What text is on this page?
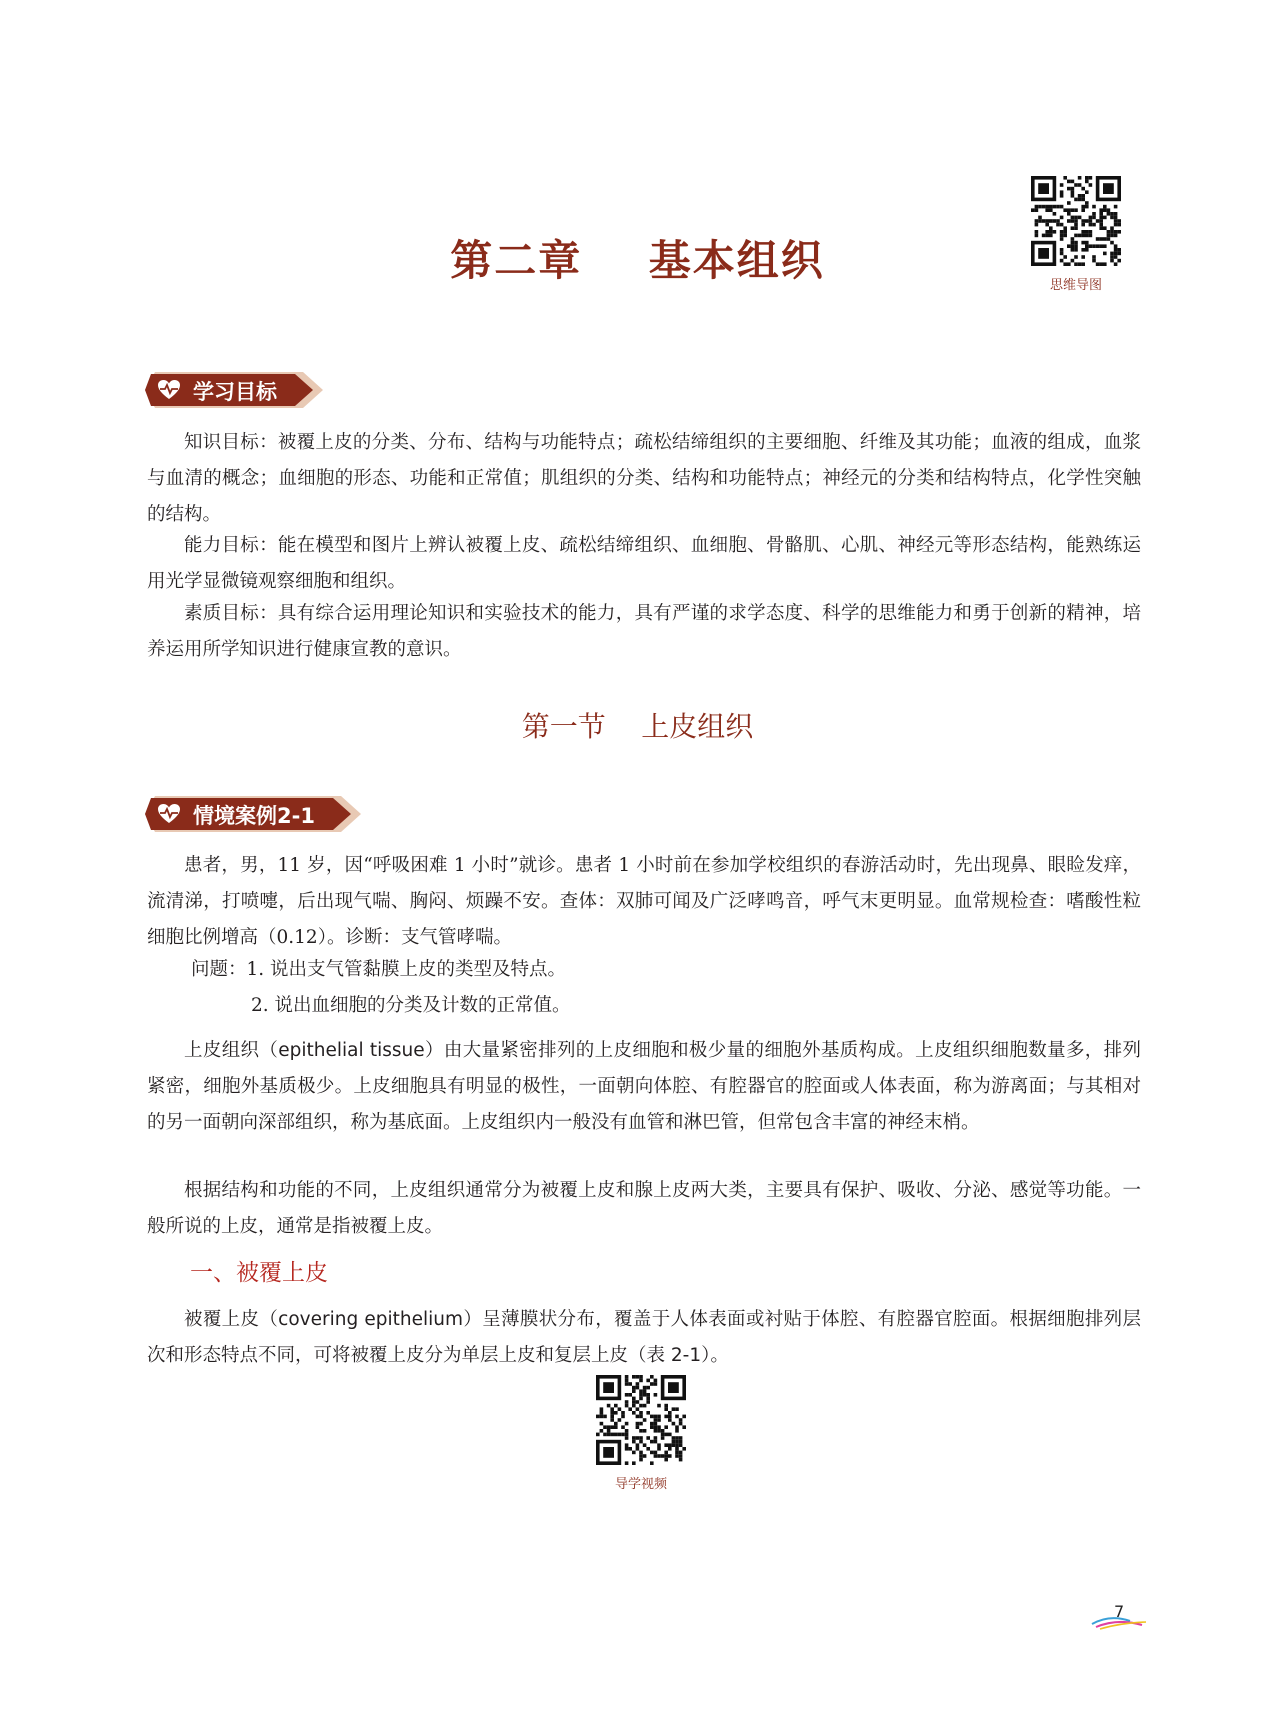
第二章    基本组织
思维导图
学习目标

知识目标：被覆上皮的分类、分布、结构与功能特点；疏松结缔组织的主要细胞、纤维及其功能；血液的组成，血浆与血清的概念；血细胞的形态、功能和正常值；肌组织的分类、结构和功能特点；神经元的分类和结构特点，化学性突触的结构。

能力目标：能在模型和图片上辨认被覆上皮、疏松结缔组织、血细胞、骨骼肌、心肌、神经元等形态结构，能熟练运用光学显微镜观察细胞和组织。

素质目标：具有综合运用理论知识和实验技术的能力，具有严谨的求学态度、科学的思维能力和勇于创新的精神，培养运用所学知识进行健康宣教的意识。

第一节    上皮组织
情境案例2-1

患者，男，11 岁，因“呼吸困难 1 小时”就诊。患者 1 小时前在参加学校组织的春游活动时，先出现鼻、眼睑发痒，流清涕，打喷嚏，后出现气喘、胸闷、烦躁不安。查体：双肺可闻及广泛哮鸣音，呼气末更明显。血常规检查：嗜酸性粒细胞比例增高（0.12）。诊断：支气管哮喘。

问题：1. 说出支气管黏膜上皮的类型及特点。
2. 说出血细胞的分类及计数的正常值。

上皮组织（epithelial tissue）由大量紧密排列的上皮细胞和极少量的细胞外基质构成。上皮组织细胞数量多，排列紧密，细胞外基质极少。上皮细胞具有明显的极性，一面朝向体腔、有腔器官的腔面或人体表面，称为游离面；与其相对的另一面朝向深部组织，称为基底面。上皮组织内一般没有血管和淋巴管，但常包含丰富的神经末梢。

根据结构和功能的不同，上皮组织通常分为被覆上皮和腺上皮两大类，主要具有保护、吸收、分泌、感觉等功能。一般所说的上皮，通常是指被覆上皮。

一、被覆上皮

被覆上皮（covering epithelium）呈薄膜状分布，覆盖于人体表面或衬贴于体腔、有腔器官腔面。根据细胞排列层次和形态特点不同，可将被覆上皮分为单层上皮和复层上皮（表 2-1）。

导学视频
7
